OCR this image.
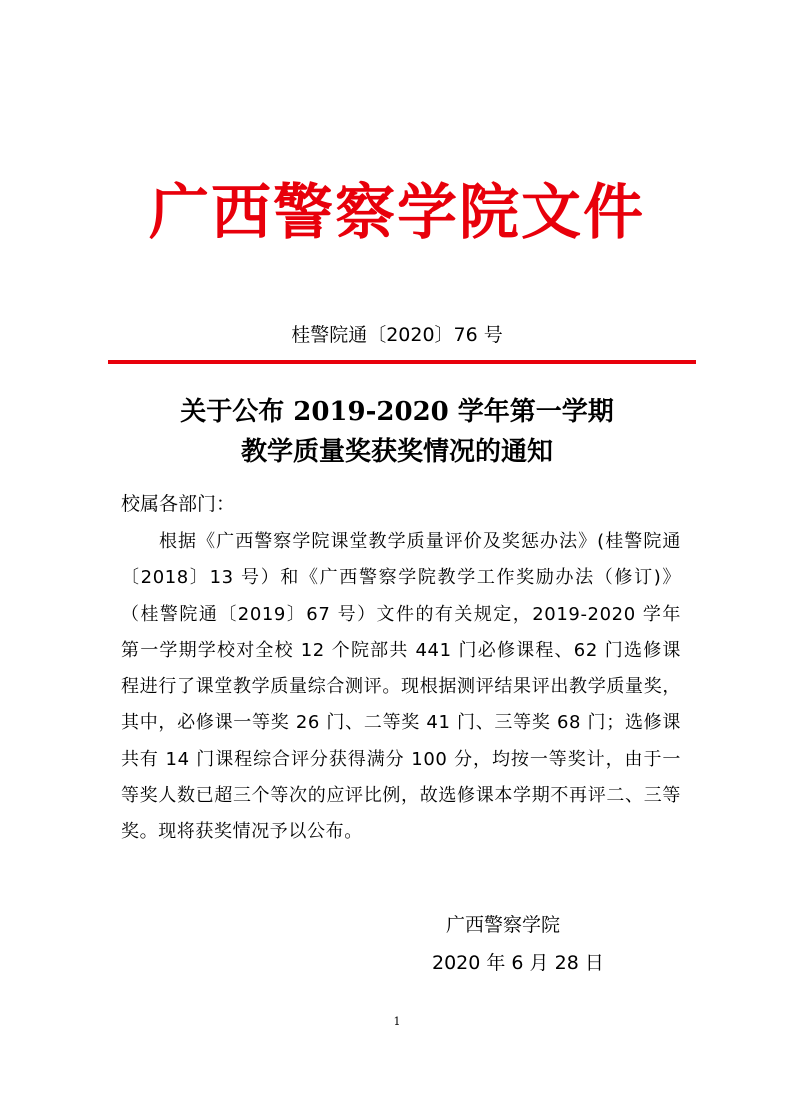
广西警察学院文件
桂警院通〔2020〕76 号
关于公布 2019-2020 学年第一学期
教学质量奖获奖情况的通知
校属各部门：

根据《广西警察学院课堂教学质量评价及奖惩办法》(桂警院通〔2018〕13 号）和《广西警察学院教学工作奖励办法（修订)》（桂警院通〔2019〕67 号）文件的有关规定，2019-2020 学年第一学期学校对全校 12 个院部共 441 门必修课程、62 门选修课程进行了课堂教学质量综合测评。现根据测评结果评出教学质量奖，其中，必修课一等奖 26 门、二等奖 41 门、三等奖 68 门；选修课共有 14 门课程综合评分获得满分 100 分，均按一等奖计，由于一等奖人数已超三个等次的应评比例，故选修课本学期不再评二、三等奖。现将获奖情况予以公布。

广西警察学院
2020 年 6 月 28 日
1
